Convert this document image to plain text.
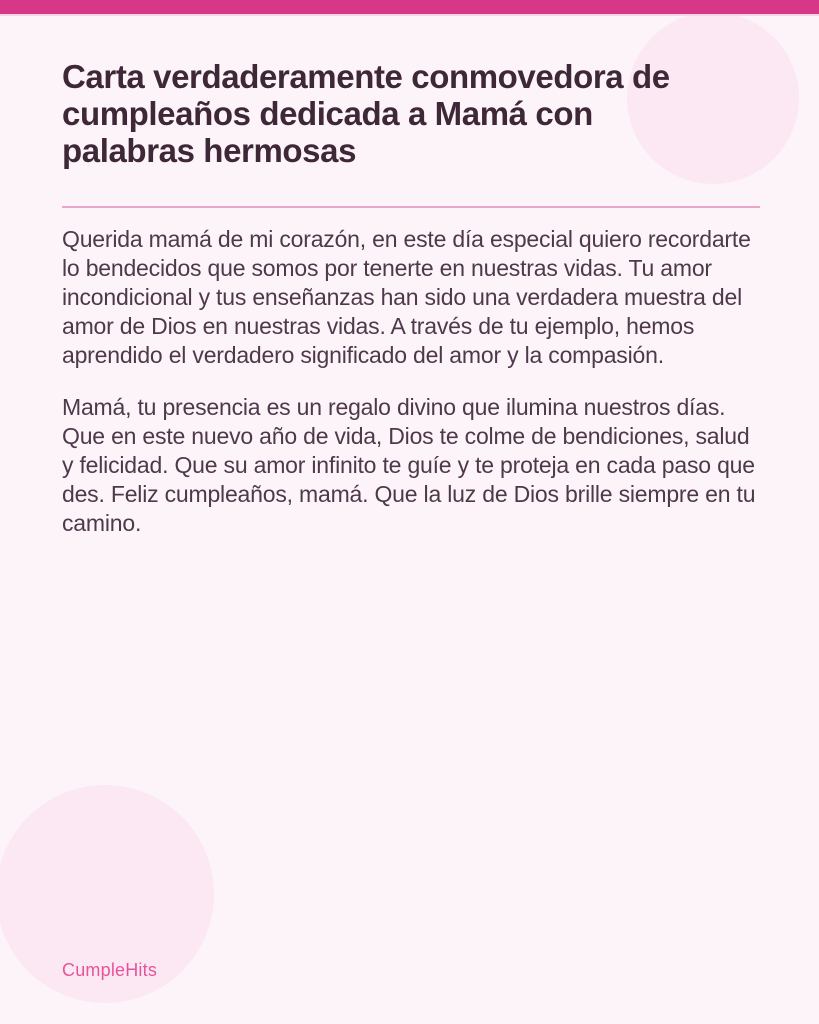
Carta verdaderamente conmovedora de cumpleaños dedicada a Mamá con palabras hermosas

Querida mamá de mi corazón, en este día especial quiero recordarte lo bendecidos que somos por tenerte en nuestras vidas. Tu amor incondicional y tus enseñanzas han sido una verdadera muestra del amor de Dios en nuestras vidas. A través de tu ejemplo, hemos aprendido el verdadero significado del amor y la compasión.

Mamá, tu presencia es un regalo divino que ilumina nuestros días. Que en este nuevo año de vida, Dios te colme de bendiciones, salud y felicidad. Que su amor infinito te guíe y te proteja en cada paso que des. Feliz cumpleaños, mamá. Que la luz de Dios brille siempre en tu camino.

CumpleHits
